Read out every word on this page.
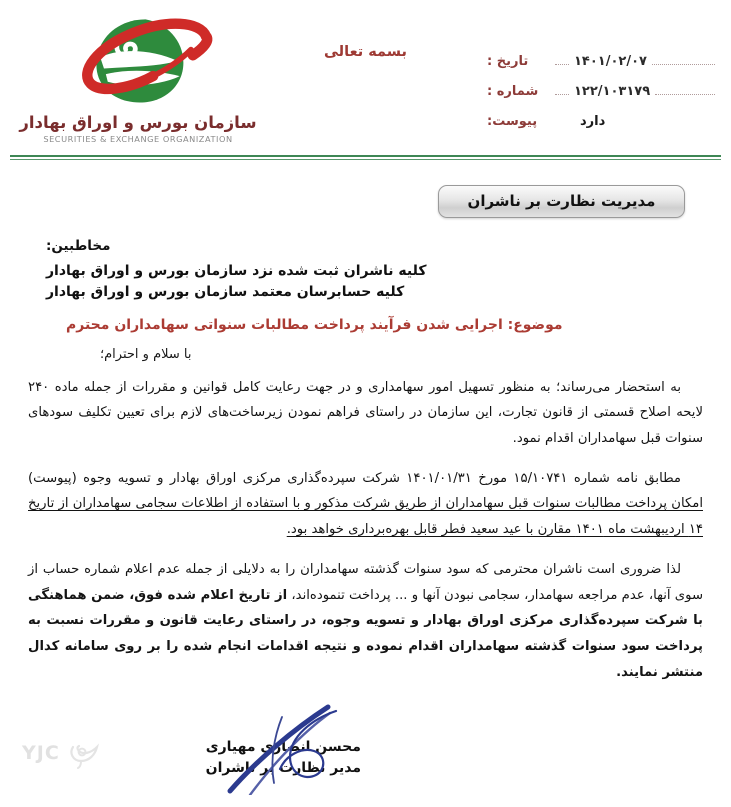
بسمه تعالی
۱۴۰۱/۰۲/۰۷
تاریخ :
۱۲۲/۱۰۳۱۷۹
شماره :
دارد
پیوست:
سازمان بورس و اوراق بهادار
SECURITIES & EXCHANGE ORGANIZATION
مدیریت نظارت بر ناشران
مخاطبین:
کلیه ناشران ثبت شده نزد سازمان بورس و اوراق بهادار
کلیه حسابرسان معتمد سازمان بورس و اوراق بهادار
موضوع: اجرایی شدن فرآیند پرداخت مطالبات سنواتی سهامداران محترم
با سلام و احترام؛
به استحضار می‌رساند؛ به منظور تسهیل امور سهامداری و در جهت رعایت کامل قوانین و مقررات از جمله ماده ۲۴۰ لایحه اصلاح قسمتی از قانون تجارت، این سازمان در راستای فراهم نمودن زیرساخت‌های لازم برای تعیین تکلیف سودهای سنوات قبل سهامداران اقدام نمود.
مطابق نامه شماره ۱۵/۱۰۷۴۱ مورخ ۱۴۰۱/۰۱/۳۱ شرکت سپرده‌گذاری مرکزی اوراق بهادار و تسویه وجوه (پیوست) امکان پرداخت مطالبات سنوات قبل سهامداران از طریق شرکت مذکور و با استفاده از اطلاعات سجامی سهامداران از تاریخ ۱۴ اردیبهشت ماه ۱۴۰۱ مقارن با عید سعید فطر قابل بهره‌برداری خواهد بود.
لذا ضروری است ناشران محترمی که سود سنوات گذشته سهامداران را به دلایلی از جمله عدم اعلام شماره حساب از سوی آنها، عدم مراجعه سهامدار، سجامی نبودن آنها و ... پرداخت تنموده‌اند، از تاریخ اعلام شده فوق، ضمن هماهنگی با شرکت سپرده‌گذاری مرکزی اوراق بهادار و تسویه وجوه، در راستای رعایت قانون و مقررات نسبت به پرداخت سود سنوات گذشته سهامداران اقدام نموده و نتیجه اقدامات انجام شده را بر روی سامانه کدال منتشر نمایند.
محسن انصاری مهیاری
مدیر نظارت بر ناشران
YJC
